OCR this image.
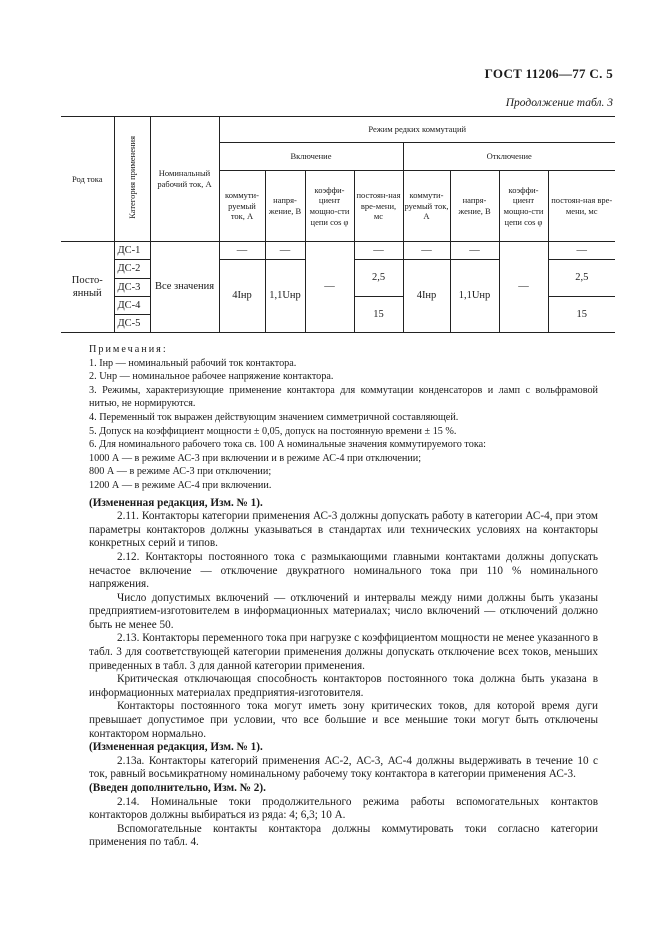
ГОСТ 11206—77 С. 5
Продолжение табл. 3
Род тока	Категория применения	Номинальный рабочий ток, А	Режим редких коммутаций							
			Включение				Отключение			
			коммути-руемый ток, А	напря-жение, В	коэффи-циент мощно-сти цепи cos φ	постоян-ная вре-мени, мс	коммути-руемый ток, А	напря-жение, В	коэффи-циент мощно-сти цепи cos φ	постоян-ная вре-мени, мс
Посто-янный	ДС-1	Все значения	—	—	—	—	—	—	—	—
	ДС-2		4Iнр	1,1Uнр		2,5	4Iнр	1,1Uнр		2,5
	ДС-3									
	ДС-4					15				15
	ДС-5									

Примечания:

1. Iнр — номинальный рабочий ток контактора.

2. Uнр — номинальное рабочее напряжение контактора.

3. Режимы, характеризующие применение контактора для коммутации конденсаторов и ламп с вольфрамовой нитью, не нормируются.

4. Переменный ток выражен действующим значением симметричной составляющей.

5. Допуск на коэффициент мощности ± 0,05, допуск на постоянную времени ± 15 %.

6. Для номинального рабочего тока св. 100 А номинальные значения коммутируемого тока:

1000 А — в режиме АС-3 при включении и в режиме АС-4 при отключении;

800 А — в режиме АС-3 при отключении;

1200 А — в режиме АС-4 при включении.

(Измененная редакция, Изм. № 1).

2.11. Контакторы категории применения АС-3 должны допускать работу в категории АС-4, при этом параметры контакторов должны указываться в стандартах или технических условиях на контакторы конкретных серий и типов.

2.12. Контакторы постоянного тока с размыкающими главными контактами должны допускать нечастое включение — отключение двукратного номинального тока при 110 % номинального напряжения.

Число допустимых включений — отключений и интервалы между ними должны быть указаны предприятием-изготовителем в информационных материалах; число включений — отключений должно быть не менее 50.

2.13. Контакторы переменного тока при нагрузке с коэффициентом мощности не менее указанного в табл. 3 для соответствующей категории применения должны допускать отключение всех токов, меньших приведенных в табл. 3 для данной категории применения.

Критическая отключающая способность контакторов постоянного тока должна быть указана в информационных материалах предприятия-изготовителя.

Контакторы постоянного тока могут иметь зону критических токов, для которой время дуги превышает допустимое при условии, что все большие и все меньшие токи могут быть отключены контактором нормально.

(Измененная редакция, Изм. № 1).

2.13а. Контакторы категорий применения АС-2, АС-3, АС-4 должны выдерживать в течение 10 с ток, равный восьмикратному номинальному рабочему току контактора в категории применения АС-3.

(Введен дополнительно, Изм. № 2).

2.14. Номинальные токи продолжительного режима работы вспомогательных контактов контакторов должны выбираться из ряда: 4; 6,3; 10 А.

Вспомогательные контакты контактора должны коммутировать токи согласно категории применения по табл. 4.
